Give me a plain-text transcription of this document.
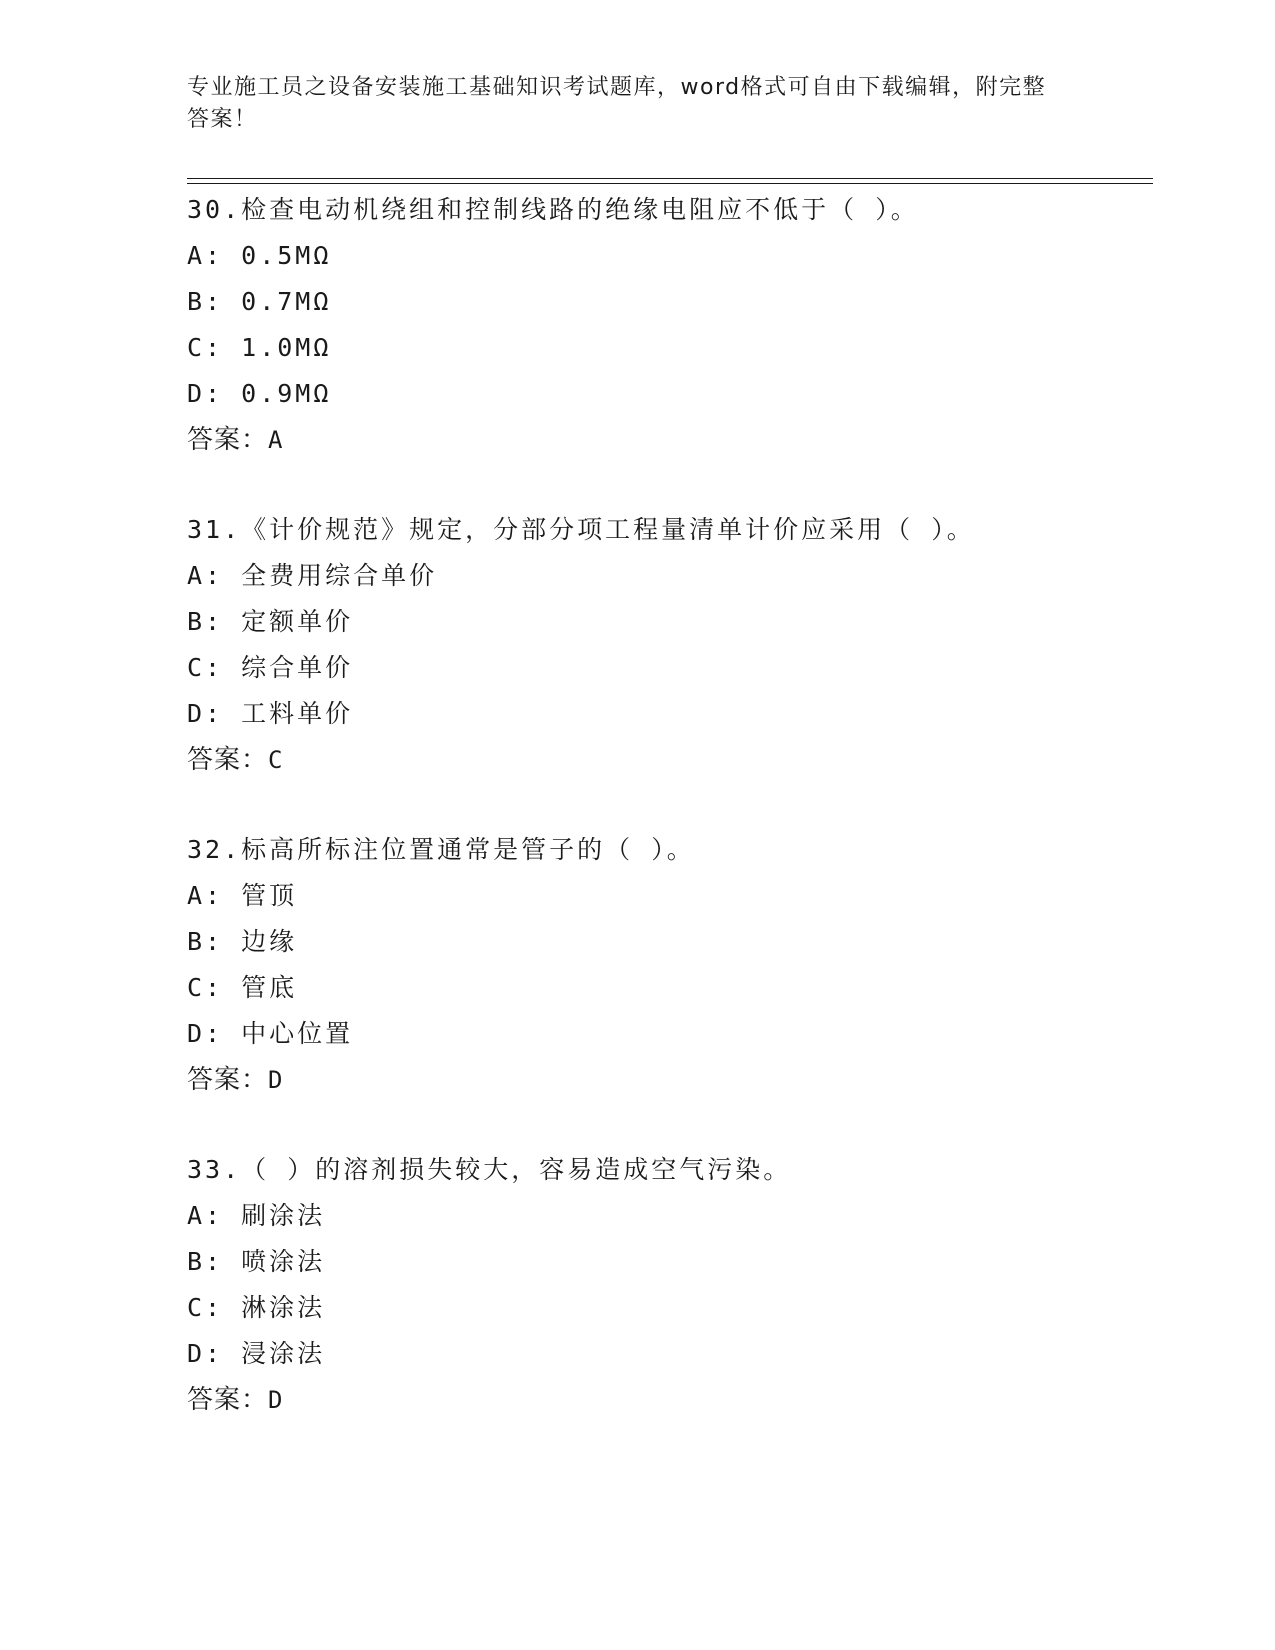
专业施工员之设备安装施工基础知识考试题库，word格式可自由下载编辑，附完整答案！
30.检查电动机绕组和控制线路的绝缘电阻应不低于（ ）。
A: 0.5MΩ
B: 0.7MΩ
C: 1.0MΩ
D: 0.9MΩ
答案：A
31.《计价规范》规定，分部分项工程量清单计价应采用（ ）。
A: 全费用综合单价
B: 定额单价
C: 综合单价
D: 工料单价
答案：C
32.标高所标注位置通常是管子的（ ）。
A: 管顶
B: 边缘
C: 管底
D: 中心位置
答案：D
33.（ ）的溶剂损失较大，容易造成空气污染。
A: 刷涂法
B: 喷涂法
C: 淋涂法
D: 浸涂法
答案：D
